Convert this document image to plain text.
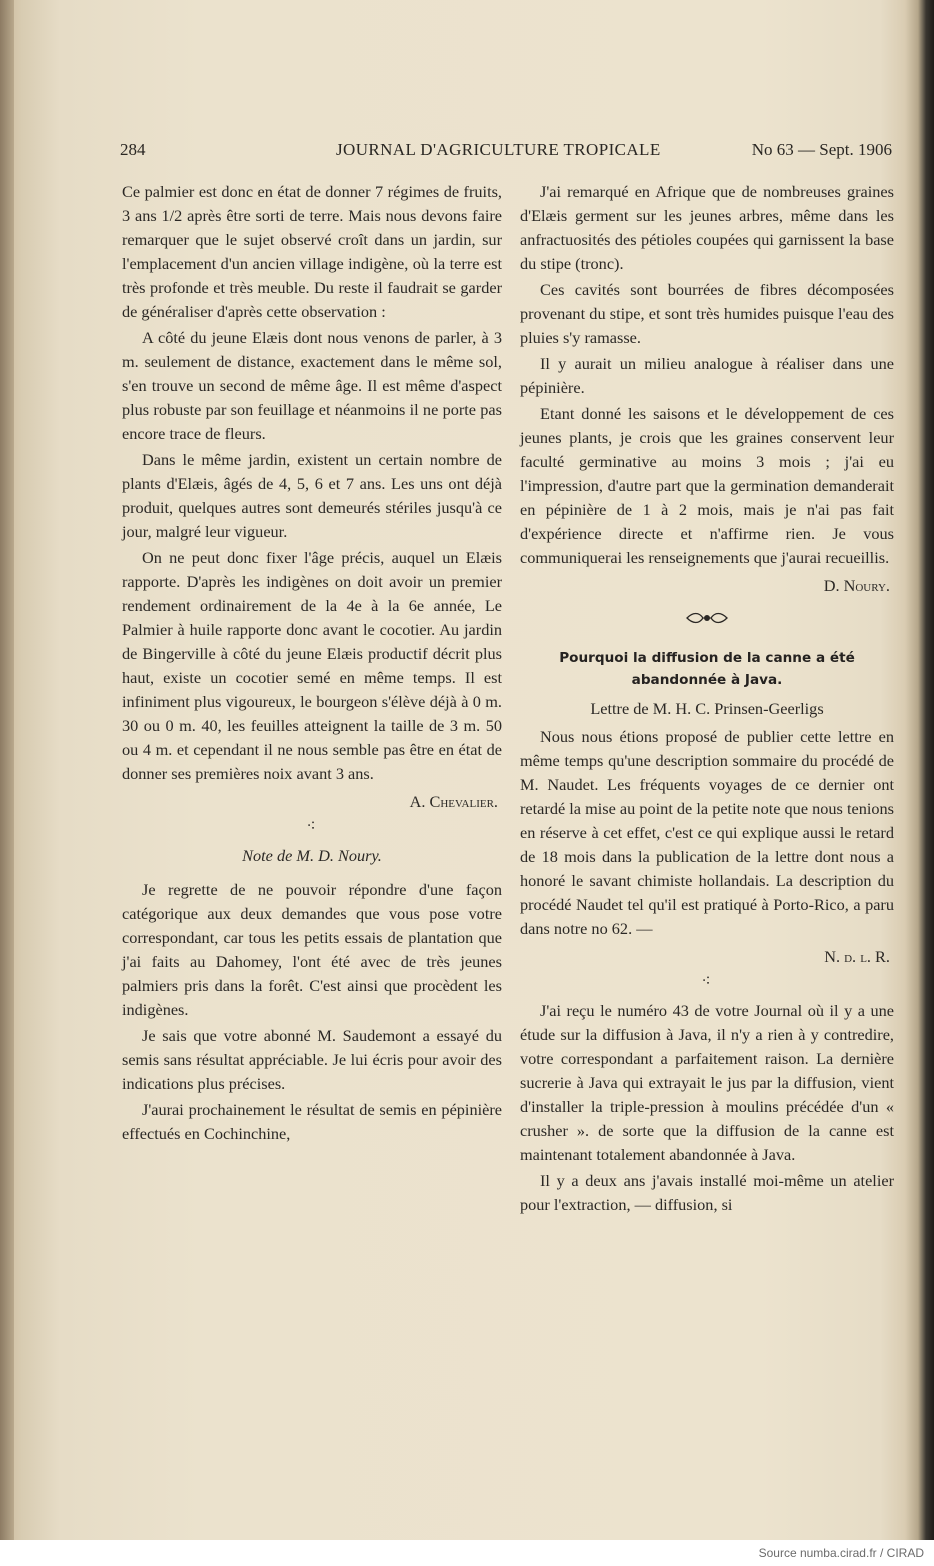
284	JOURNAL D'AGRICULTURE TROPICALE	No 63 — Sept. 1906

Ce palmier est donc en état de donner 7 régimes de fruits, 3 ans 1/2 après être sorti de terre. Mais nous devons faire remarquer que le sujet observé croît dans un jardin, sur l'emplacement d'un ancien village indigène, où la terre est très profonde et très meuble. Du reste il faudrait se garder de généraliser d'après cette observation :

A côté du jeune Elæis dont nous venons de parler, à 3 m. seulement de distance, exactement dans le même sol, s'en trouve un second de même âge. Il est même d'aspect plus robuste par son feuillage et néanmoins il ne porte pas encore trace de fleurs.

Dans le même jardin, existent un certain nombre de plants d'Elæis, âgés de 4, 5, 6 et 7 ans. Les uns ont déjà produit, quelques autres sont demeurés stériles jusqu'à ce jour, malgré leur vigueur.

On ne peut donc fixer l'âge précis, auquel un Elæis rapporte. D'après les indigènes on doit avoir un premier rendement ordinairement de la 4e à la 6e année, Le Palmier à huile rapporte donc avant le cocotier. Au jardin de Bingerville à côté du jeune Elæis productif décrit plus haut, existe un cocotier semé en même temps. Il est infiniment plus vigoureux, le bourgeon s'élève déjà à 0 m. 30 ou 0 m. 40, les feuilles atteignent la taille de 3 m. 50 ou 4 m. et cependant il ne nous semble pas être en état de donner ses premières noix avant 3 ans.

A. Chevalier.
⁖
Note de M. D. Noury.

Je regrette de ne pouvoir répondre d'une façon catégorique aux deux demandes que vous pose votre correspondant, car tous les petits essais de plantation que j'ai faits au Dahomey, l'ont été avec de très jeunes palmiers pris dans la forêt. C'est ainsi que procèdent les indigènes.

Je sais que votre abonné M. Saudemont a essayé du semis sans résultat appréciable. Je lui écris pour avoir des indications plus précises.

J'aurai prochainement le résultat de semis en pépinière effectués en Cochinchine,

J'ai remarqué en Afrique que de nombreuses graines d'Elæis germent sur les jeunes arbres, même dans les anfractuosités des pétioles coupées qui garnissent la base du stipe (tronc).

Ces cavités sont bourrées de fibres décomposées provenant du stipe, et sont très humides puisque l'eau des pluies s'y ramasse.

Il y aurait un milieu analogue à réaliser dans une pépinière.

Etant donné les saisons et le développement de ces jeunes plants, je crois que les graines conservent leur faculté germinative au moins 3 mois ; j'ai eu l'impression, d'autre part que la germination demanderait en pépinière de 1 à 2 mois, mais je n'ai pas fait d'expérience directe et n'affirme rien. Je vous communiquerai les renseignements que j'aurai recueillis.

D. Noury.
Pourquoi la diffusion de la canne a été
abandonnée à Java.
Lettre de M. H. C. Prinsen-Geerligs

Nous nous étions proposé de publier cette lettre en même temps qu'une description sommaire du procédé de M. Naudet. Les fréquents voyages de ce dernier ont retardé la mise au point de la petite note que nous tenions en réserve à cet effet, c'est ce qui explique aussi le retard de 18 mois dans la publication de la lettre dont nous a honoré le savant chimiste hollandais. La description du procédé Naudet tel qu'il est pratiqué à Porto-Rico, a paru dans notre no 62. —

N. d. l. R.
⁖

J'ai reçu le numéro 43 de votre Journal où il y a une étude sur la diffusion à Java, il n'y a rien à y contredire, votre correspondant a parfaitement raison. La dernière sucrerie à Java qui extrayait le jus par la diffusion, vient d'installer la triple-pression à moulins précédée d'un « crusher ». de sorte que la diffusion de la canne est maintenant totalement abandonnée à Java.

Il y a deux ans j'avais installé moi-même un atelier pour l'extraction, — diffusion, si

Source numba.cirad.fr / CIRAD
